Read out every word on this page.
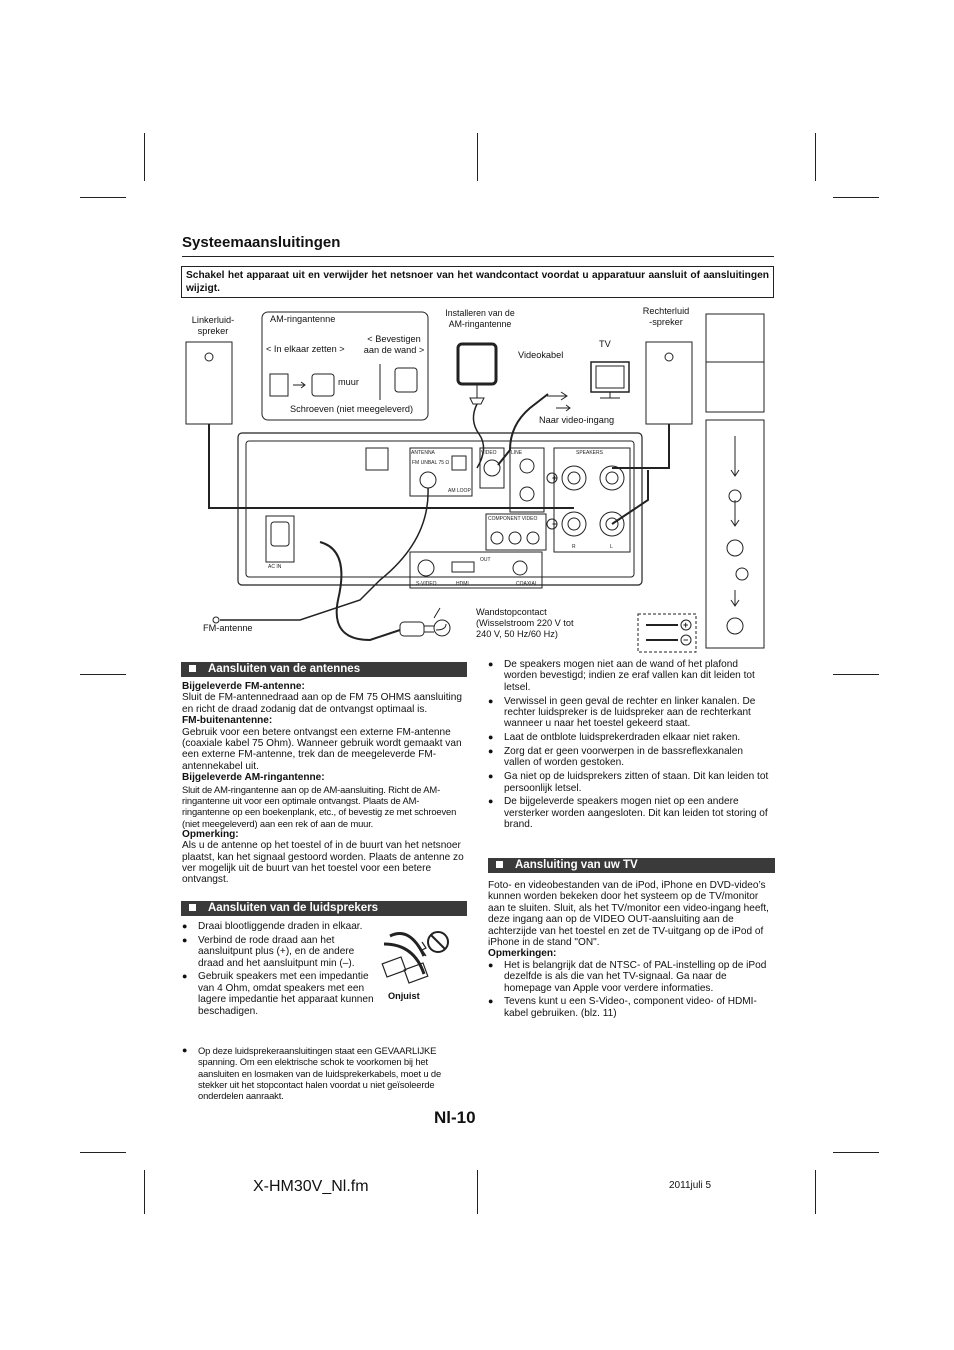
Systeemaansluitingen
Schakel het apparaat uit en verwijder het netsnoer van het wandcontact voordat u apparatuur aansluit of aansluitingen wijzigt.
ANTENNA	VIDEO	LINE	SPEAKERS
COMPONENT VIDEO
S-VIDEO	HDMI	COAXIAL
AC IN
OUT
R	L
AM LOOP
FM UNBAL 75 Ω
+
−
+
−
Linkerluid-
spreker
Rechterluid
-spreker
AM-ringantenne
< In elkaar zetten >
< Bevestigen
aan de wand >
muur
Schroeven (niet meegeleverd)
Installeren van de
AM-ringantenne
Videokabel
TV
Naar video-ingang
FM-antenne
Wandstopcontact
(Wisselstroom 220 V tot
240 V, 50 Hz/60 Hz)
Aansluiten van de antennes

Bijgeleverde FM-antenne:

Sluit de FM-antennedraad aan op de FM 75 OHMS aansluiting en richt de draad zodanig dat de ontvangst optimaal is.

FM-buitenantenne:

Gebruik voor een betere ontvangst een externe FM-antenne (coaxiale kabel 75 Ohm). Wanneer gebruik wordt gemaakt van een externe FM-antenne, trek dan de meegeleverde FM-antennekabel uit.

Bijgeleverde AM-ringantenne:

Sluit de AM-ringantenne aan op de AM-aansluiting. Richt de AM-ringantenne uit voor een optimale ontvangst. Plaats de AM-ringantenne op een boekenplank, etc., of bevestig ze met schroeven (niet meegeleverd) aan een rek of aan de muur.

Opmerking:

Als u de antenne op het toestel of in de buurt van het netsnoer plaatst, kan het signaal gestoord worden. Plaats de antenne zo ver mogelijk uit de buurt van het toestel voor een betere ontvangst.

Aansluiten van de luidsprekers
Onjuist
● Draai blootliggende draden in elkaar.
● Verbind de rode draad aan het aansluitpunt plus (+), en de andere draad and het aansluitpunt min (–).
● Gebruik speakers met een impedantie van 4 Ohm, omdat speakers met een lagere impedantie het apparaat kunnen beschadigen.
● Op deze luidsprekeraansluitingen staat een GEVAARLIJKE spanning. Om een elektrische schok te voorkomen bij het aansluiten en losmaken van de luidsprekerkabels, moet u de stekker uit het stopcontact halen voordat u niet geïsoleerde onderdelen aanraakt.
● De speakers mogen niet aan de wand of het plafond worden bevestigd; indien ze eraf vallen kan dit leiden tot letsel.
● Verwissel in geen geval de rechter en linker kanalen. De rechter luidspreker is de luidspreker aan de rechterkant wanneer u naar het toestel gekeerd staat.
● Laat de ontblote luidsprekerdraden elkaar niet raken.
● Zorg dat er geen voorwerpen in de bassreflexkanalen vallen of worden gestoken.
● Ga niet op de luidsprekers zitten of staan. Dit kan leiden tot persoonlijk letsel.
● De bijgeleverde speakers mogen niet op een andere versterker worden aangesloten. Dit kan leiden tot storing of brand.
Aansluiting van uw TV

Foto- en videobestanden van de iPod, iPhone en DVD-video’s kunnen worden bekeken door het systeem op de TV/monitor aan te sluiten. Sluit, als het TV/monitor een video-ingang heeft, deze ingang aan op de VIDEO OUT-aansluiting aan de achterzijde van het toestel en zet de TV-uitgang op de iPod of iPhone in de stand "ON".

Opmerkingen:

● Het is belangrijk dat de NTSC- of PAL-instelling op de iPod dezelfde is als die van het TV-signaal. Ga naar de homepage van Apple voor verdere informaties.
● Tevens kunt u een S-Video-, component video- of HDMI-kabel gebruiken. (blz. 11)
Nl-10
X-HM30V_Nl.fm	2011juli 5
